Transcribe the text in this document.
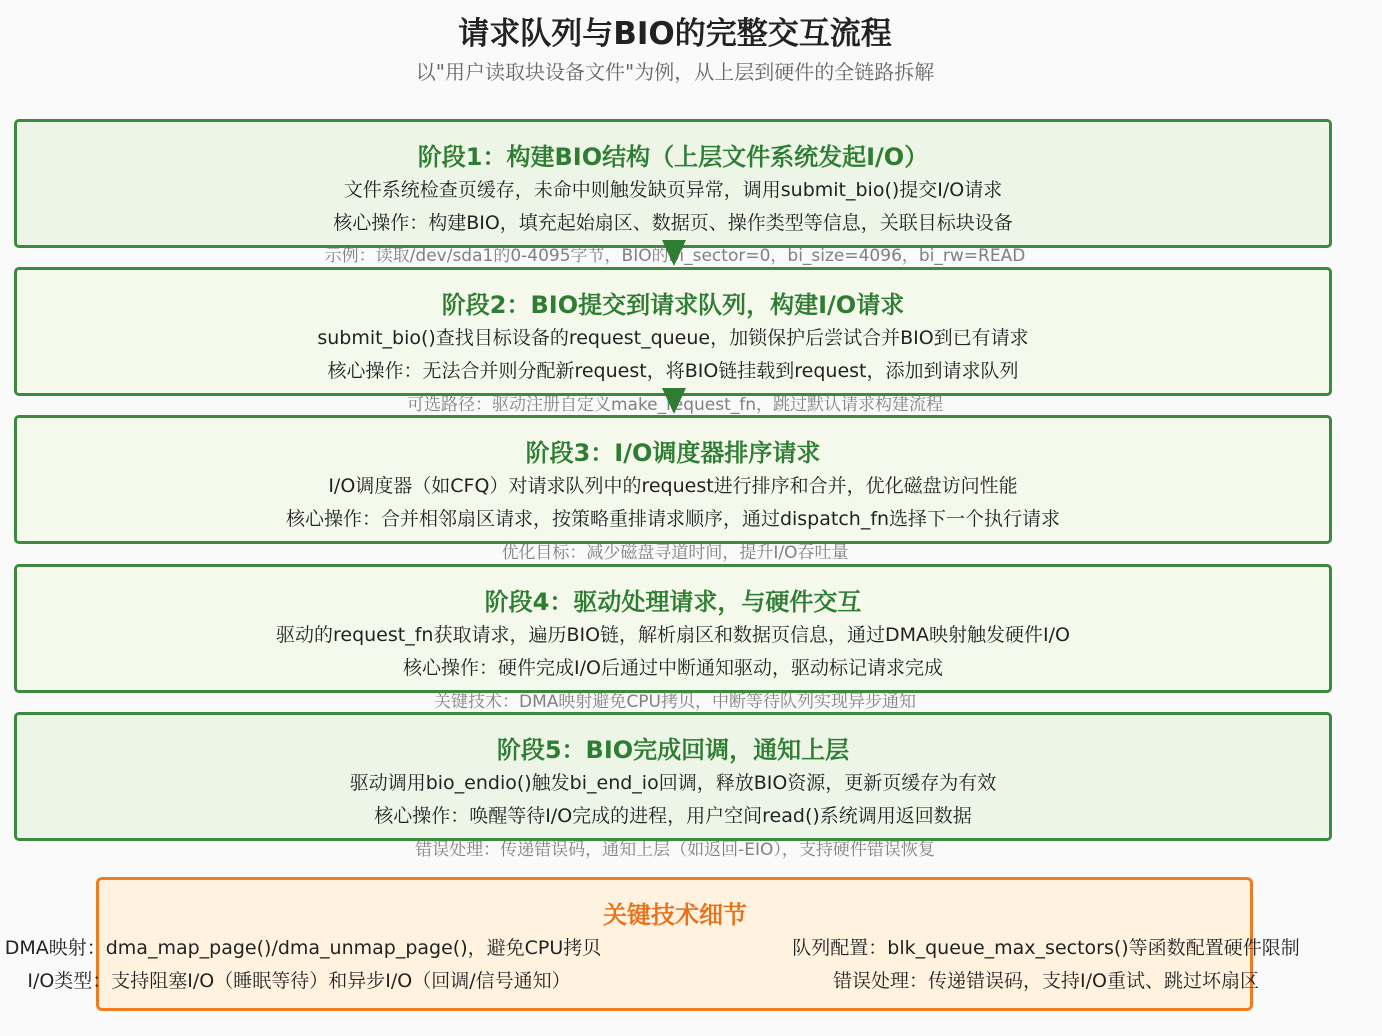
请求队列与BIO的完整交互流程
以"用户读取块设备文件"为例，从上层到硬件的全链路拆解
阶段1：构建BIO结构（上层文件系统发起I/O）
文件系统检查页缓存，未命中则触发缺页异常，调用submit_bio()提交I/O请求
核心操作：构建BIO，填充起始扇区、数据页、操作类型等信息，关联目标块设备
示例：读取/dev/sda1的0-4095字节，BIO的bi_sector=0，bi_size=4096，bi_rw=READ
阶段2：BIO提交到请求队列，构建I/O请求
submit_bio()查找目标设备的request_queue，加锁保护后尝试合并BIO到已有请求
核心操作：无法合并则分配新request，将BIO链挂载到request，添加到请求队列
可选路径：驱动注册自定义make_request_fn，跳过默认请求构建流程
阶段3：I/O调度器排序请求
I/O调度器（如CFQ）对请求队列中的request进行排序和合并，优化磁盘访问性能
核心操作：合并相邻扇区请求，按策略重排请求顺序，通过dispatch_fn选择下一个执行请求
优化目标：减少磁盘寻道时间，提升I/O吞吐量
阶段4：驱动处理请求，与硬件交互
驱动的request_fn获取请求，遍历BIO链，解析扇区和数据页信息，通过DMA映射触发硬件I/O
核心操作：硬件完成I/O后通过中断通知驱动，驱动标记请求完成
关键技术：DMA映射避免CPU拷贝，中断等待队列实现异步通知
阶段5：BIO完成回调，通知上层
驱动调用bio_endio()触发bi_end_io回调，释放BIO资源，更新页缓存为有效
核心操作：唤醒等待I/O完成的进程，用户空间read()系统调用返回数据
错误处理：传递错误码，通知上层（如返回-EIO），支持硬件错误恢复
关键技术细节
DMA映射：dma_map_page()/dma_unmap_page()，避免CPU拷贝	队列配置：blk_queue_max_sectors()等函数配置硬件限制
I/O类型：支持阻塞I/O（睡眠等待）和异步I/O（回调/信号通知）	错误处理：传递错误码，支持I/O重试、跳过坏扇区
